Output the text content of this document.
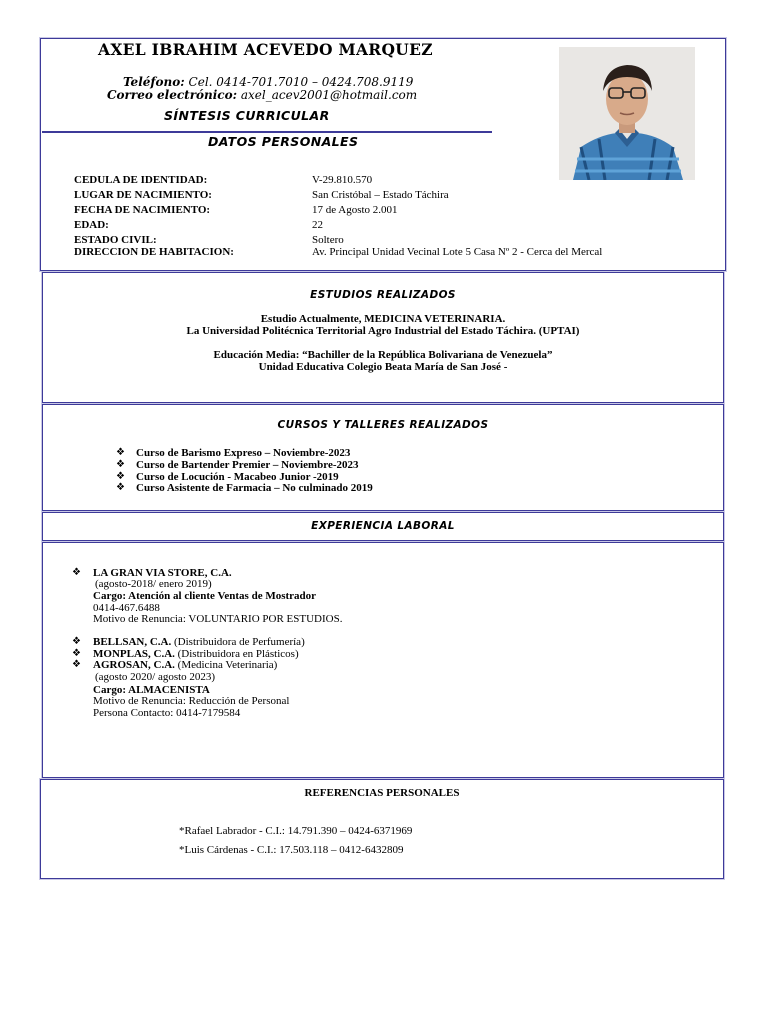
AXEL IBRAHIM ACEVEDO MARQUEZ
Teléfono: Cel. 0414-701.7010 – 0424.708.9119
Correo electrónico: axel_acev2001@hotmail.com
SÍNTESIS CURRICULAR
DATOS PERSONALES
CEDULA DE IDENTIDAD:	V-29.810.570
LUGAR DE NACIMIENTO:	San Cristóbal – Estado Táchira
FECHA DE NACIMIENTO:	17 de Agosto 2.001
EDAD:	22
ESTADO CIVIL:	Soltero
DIRECCION DE HABITACION:	Av. Principal Unidad Vecinal Lote 5 Casa Nº 2 - Cerca del Mercal
ESTUDIOS REALIZADOS
Estudio Actualmente, MEDICINA VETERINARIA.
La Universidad Politécnica Territorial Agro Industrial del Estado Táchira. (UPTAI)
Educación Media: “Bachiller de la República Bolivariana de Venezuela”
Unidad Educativa Colegio Beata María de San José -
CURSOS Y TALLERES REALIZADOS
❖ Curso de Barismo Expreso – Noviembre-2023
❖ Curso de Bartender Premier – Noviembre-2023
❖ Curso de Locución - Macabeo Junior -2019
❖ Curso Asistente de Farmacia – No culminado 2019
EXPERIENCIA LABORAL
❖ LA GRAN VIA STORE, C.A.
(agosto-2018/ enero 2019)
Cargo: Atención al cliente Ventas de Mostrador
0414-467.6488
Motivo de Renuncia: VOLUNTARIO POR ESTUDIOS.
❖ BELLSAN, C.A. (Distribuidora de Perfumería)
❖ MONPLAS, C.A. (Distribuidora en Plásticos)
❖ AGROSAN, C.A. (Medicina Veterinaria)
(agosto 2020/ agosto 2023)
Cargo: ALMACENISTA
Motivo de Renuncia: Reducción de Personal
Persona Contacto: 0414-7179584
REFERENCIAS PERSONALES
*Rafael Labrador - C.I.: 14.791.390 – 0424-6371969
*Luis Cárdenas - C.I.: 17.503.118 – 0412-6432809
